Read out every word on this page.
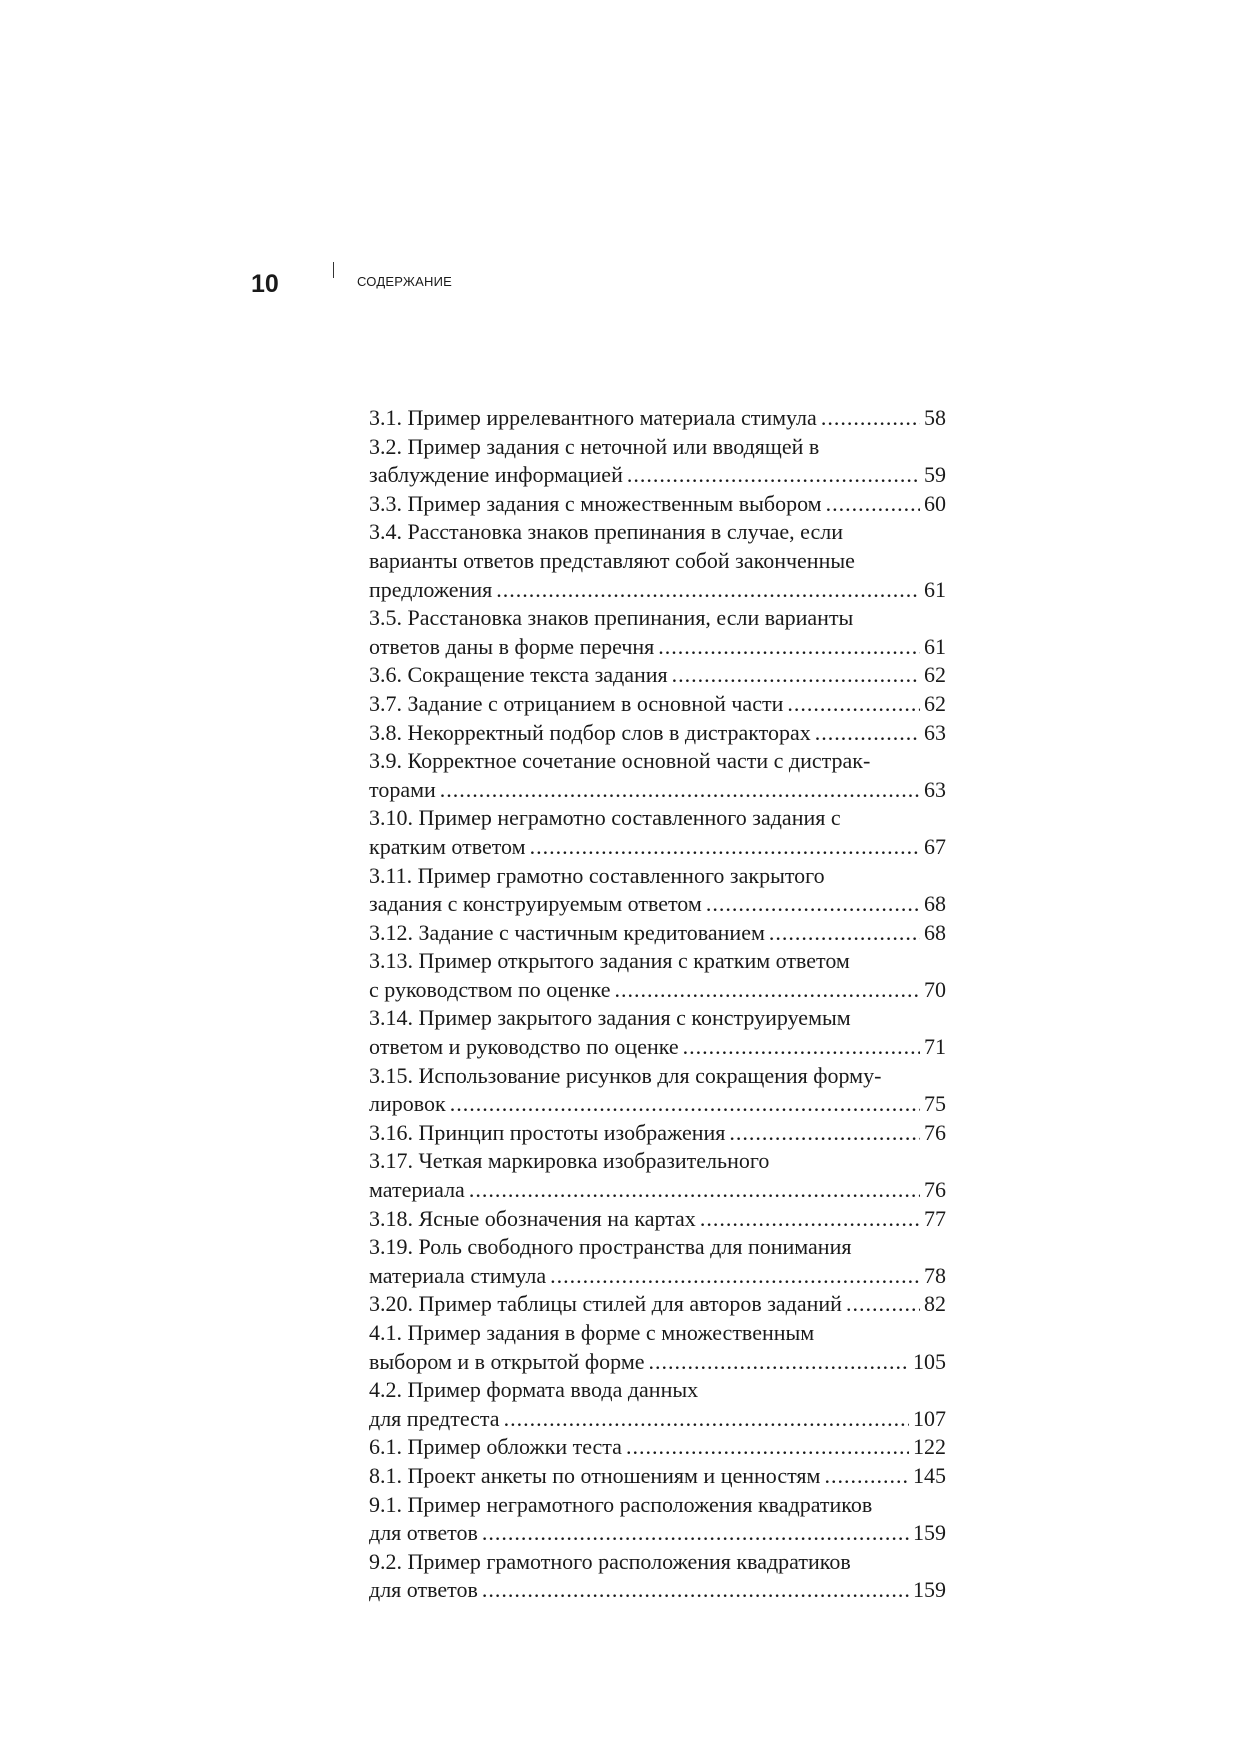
10	СОДЕРЖАНИЕ
3.1. Пример иррелевантного материала стимула .....	58
3.2. Пример задания с неточной или вводящей в
заблуждение информацией .....	59
3.3. Пример задания с множественным выбором .....	60
3.4. Расстановка знаков препинания в случае, если
варианты ответов представляют собой законченные
предложения .....	61
3.5. Расстановка знаков препинания, если варианты
ответов даны в форме перечня .....	61
3.6. Сокращение текста задания .....	62
3.7. Задание с отрицанием в основной части .....	62
3.8. Некорректный подбор слов в дистракторах .....	63
3.9. Корректное сочетание основной части с дистрак-
торами .....	63
3.10. Пример неграмотно составленного задания с
кратким ответом .....	67
3.11. Пример грамотно составленного закрытого
задания с конструируемым ответом .....	68
3.12. Задание с частичным кредитованием .....	68
3.13. Пример открытого задания с кратким ответом
с руководством по оценке .....	70
3.14. Пример закрытого задания с конструируемым
ответом и руководство по оценке .....	71
3.15. Использование рисунков для сокращения форму-
лировок .....	75
3.16. Принцип простоты изображения .....	76
3.17. Четкая маркировка изобразительного
материала .....	76
3.18. Ясные обозначения на картах .....	77
3.19. Роль свободного пространства для понимания
материала стимула .....	78
3.20. Пример таблицы стилей для авторов заданий .....	82
4.1. Пример задания в форме с множественным
выбором и в открытой форме .....	105
4.2. Пример формата ввода данных
для предтеста .....	107
6.1. Пример обложки теста .....	122
8.1. Проект анкеты по отношениям и ценностям .....	145
9.1. Пример неграмотного расположения квадратиков
для ответов .....	159
9.2. Пример грамотного расположения квадратиков
для ответов .....	159
